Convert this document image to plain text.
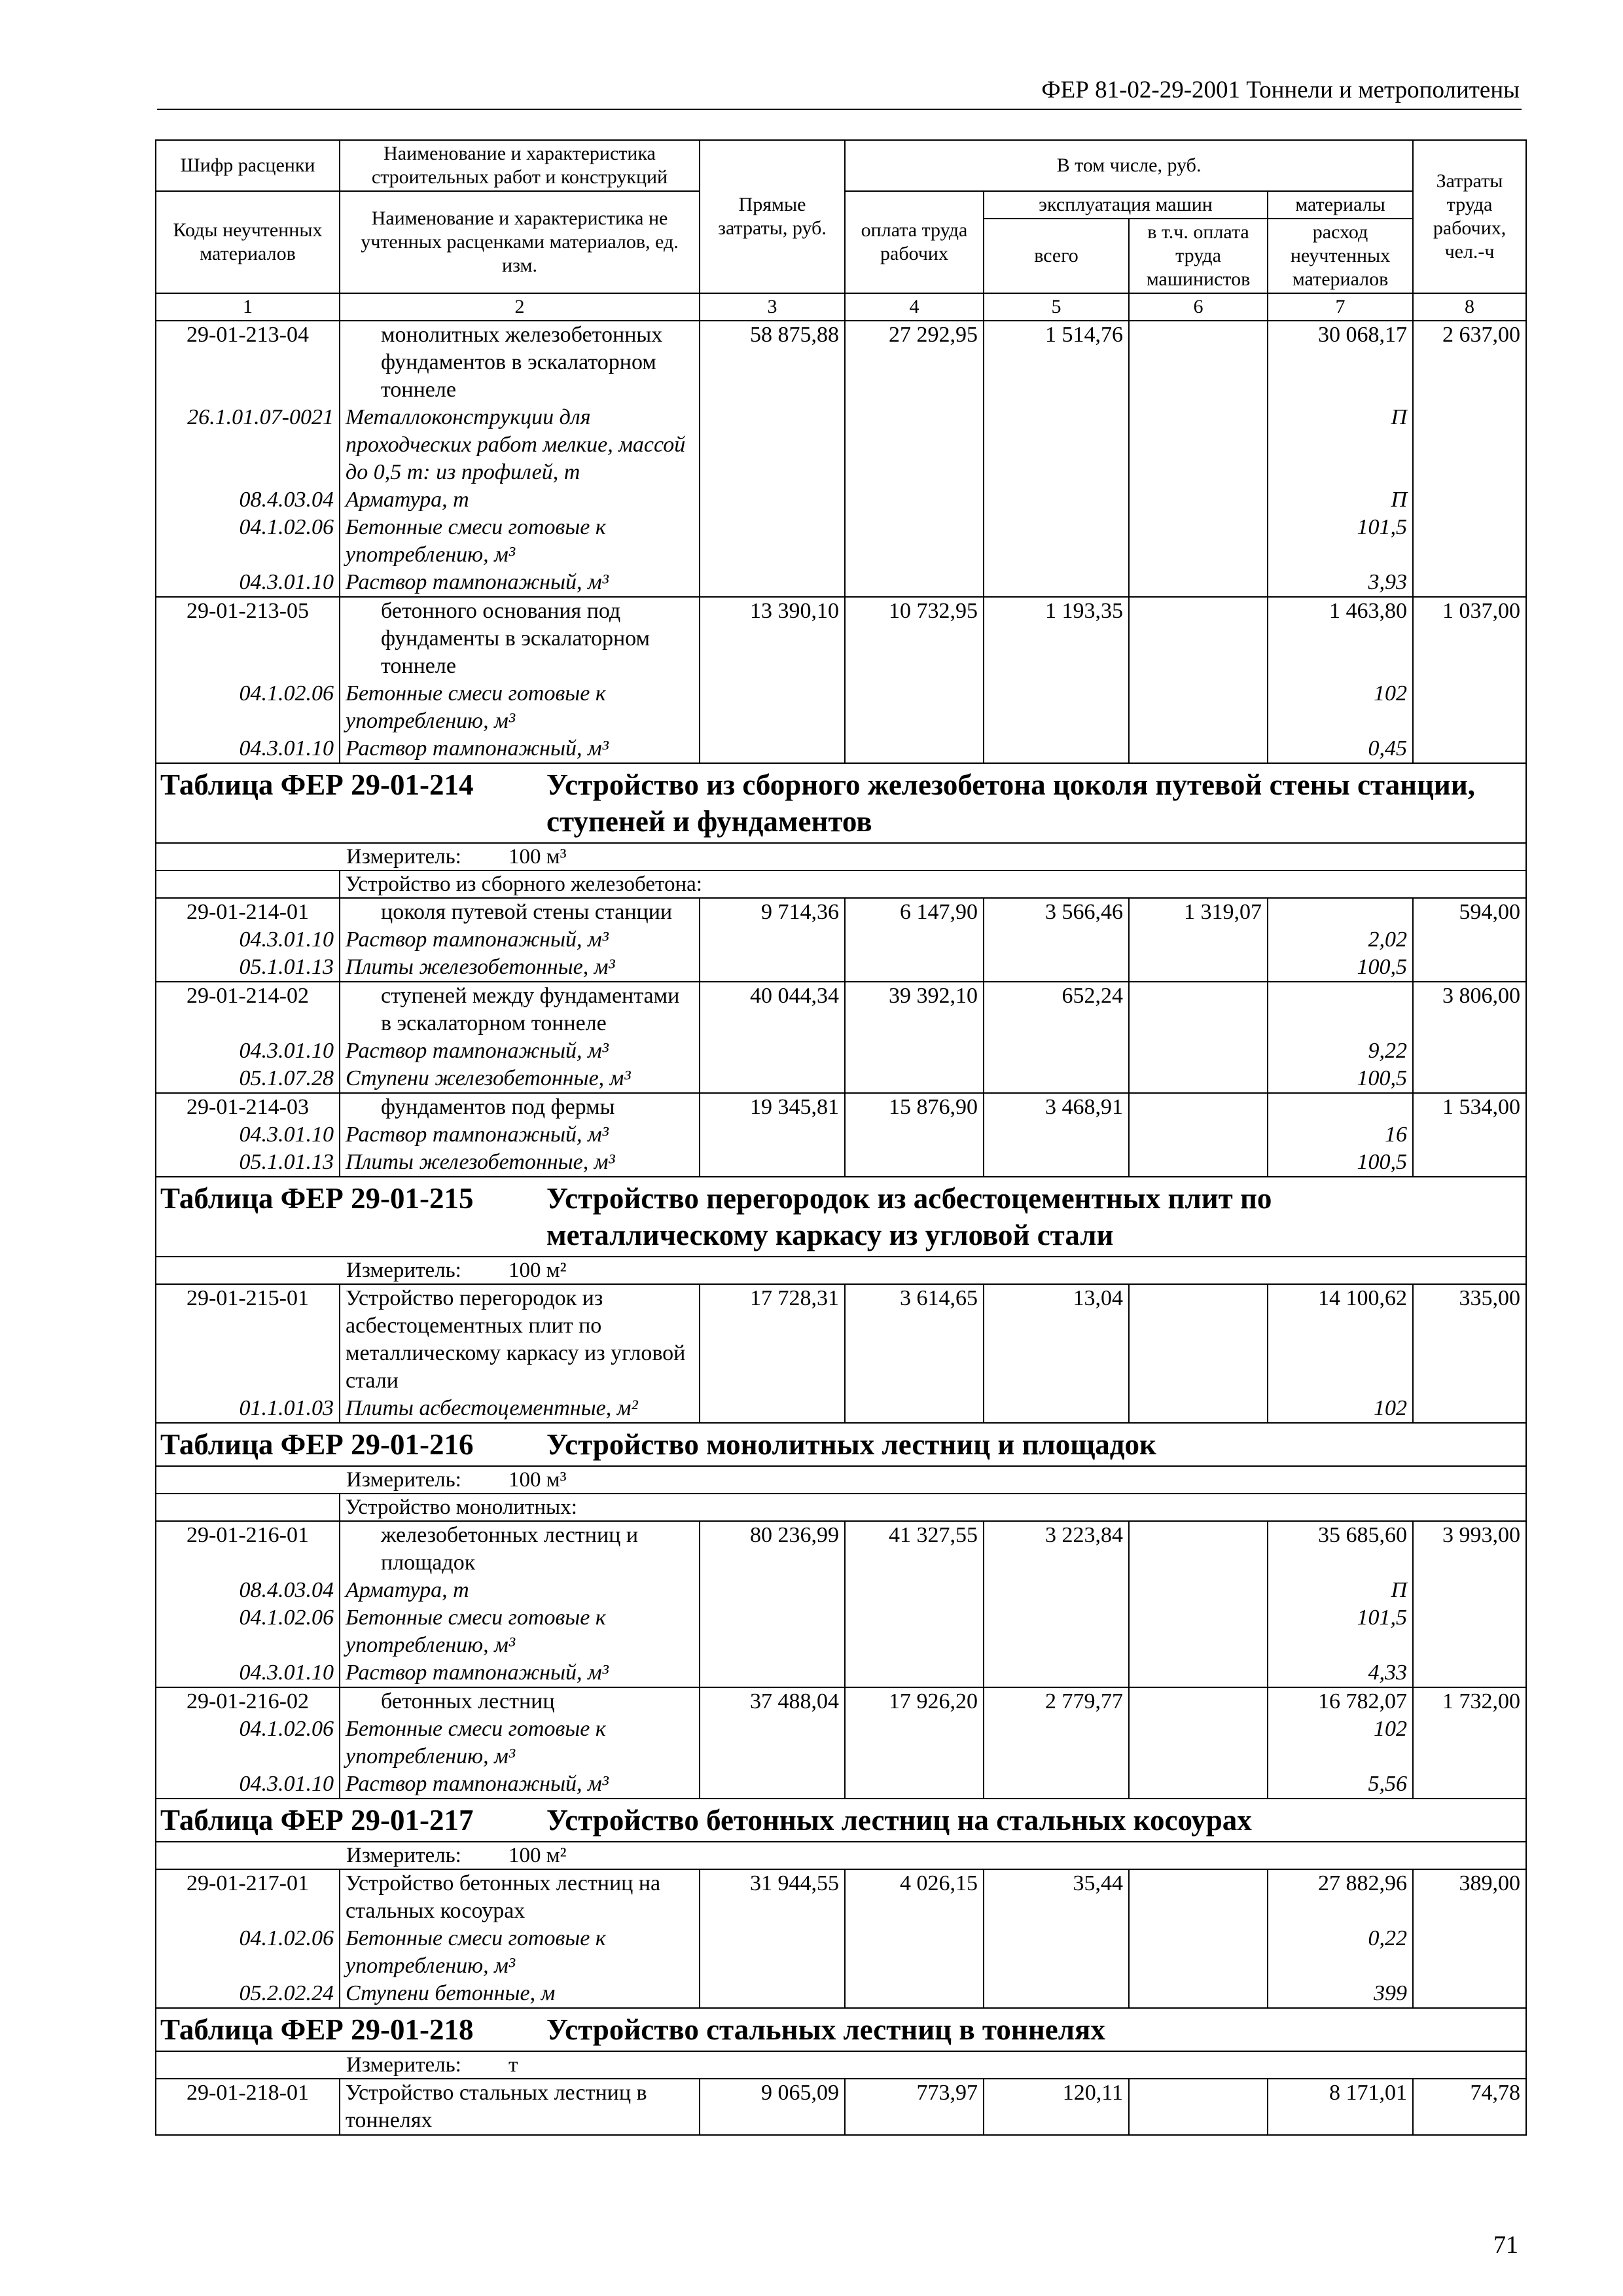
ФЕР 81-02-29-2001 Тоннели и метрополитены
Шифр расценки	Наименование и характеристика строительных работ и конструкций	Прямые затраты, руб.	В том числе, руб.				Затраты труда рабочих, чел.-ч
Коды неучтенных материалов	Наименование и характеристика не учтенных расценками материалов, ед. изм.		оплата труда рабочих	эксплуатация машин		материалы	
				всего	в т.ч. оплата труда машинистов	расход неучтенных материалов	
1	2	3	4	5	6	7	8
29-01-213-04	монолитных железобетонных фундаментов в эскалаторном тоннеле	58 875,88	27 292,95	1 514,76		30 068,17	2 637,00
26.1.01.07-0021	Металлоконструкции для проходческих работ мелкие, массой до 0,5 т: из профилей, т					П	
08.4.03.04	Арматура, т					П	
04.1.02.06	Бетонные смеси готовые к употреблению, м³					101,5	
04.3.01.10	Раствор тампонажный, м³					3,93	
29-01-213-05	бетонного основания под фундаменты в эскалаторном тоннеле	13 390,10	10 732,95	1 193,35		1 463,80	1 037,00
04.1.02.06	Бетонные смеси готовые к употреблению, м³					102	
04.3.01.10	Раствор тампонажный, м³					0,45	
Таблица ФЕР 29-01-214 Устройство из сборного железобетона цоколя путевой стены станции, ступеней и фундаментов							
Измеритель: 100 м³							
	Устройство из сборного железобетона:						
29-01-214-01	цоколя путевой стены станции	9 714,36	6 147,90	3 566,46	1 319,07		594,00
04.3.01.10	Раствор тампонажный, м³					2,02	
05.1.01.13	Плиты железобетонные, м³					100,5	
29-01-214-02	ступеней между фундаментами в эскалаторном тоннеле	40 044,34	39 392,10	652,24			3 806,00
04.3.01.10	Раствор тампонажный, м³					9,22	
05.1.07.28	Ступени железобетонные, м³					100,5	
29-01-214-03	фундаментов под фермы	19 345,81	15 876,90	3 468,91			1 534,00
04.3.01.10	Раствор тампонажный, м³					16	
05.1.01.13	Плиты железобетонные, м³					100,5	
Таблица ФЕР 29-01-215 Устройство перегородок из асбестоцементных плит по металлическому каркасу из угловой стали							
Измеритель: 100 м²							
29-01-215-01	Устройство перегородок из асбестоцементных плит по металлическому каркасу из угловой стали	17 728,31	3 614,65	13,04		14 100,62	335,00
01.1.01.03	Плиты асбестоцементные, м²					102	
Таблица ФЕР 29-01-216 Устройство монолитных лестниц и площадок							
Измеритель: 100 м³							
	Устройство монолитных:						
29-01-216-01	железобетонных лестниц и площадок	80 236,99	41 327,55	3 223,84		35 685,60	3 993,00
08.4.03.04	Арматура, т					П	
04.1.02.06	Бетонные смеси готовые к употреблению, м³					101,5	
04.3.01.10	Раствор тампонажный, м³					4,33	
29-01-216-02	бетонных лестниц	37 488,04	17 926,20	2 779,77		16 782,07	1 732,00
04.1.02.06	Бетонные смеси готовые к употреблению, м³					102	
04.3.01.10	Раствор тампонажный, м³					5,56	
Таблица ФЕР 29-01-217 Устройство бетонных лестниц на стальных косоурах							
Измеритель: 100 м²							
29-01-217-01	Устройство бетонных лестниц на стальных косоурах	31 944,55	4 026,15	35,44		27 882,96	389,00
04.1.02.06	Бетонные смеси готовые к употреблению, м³					0,22	
05.2.02.24	Ступени бетонные, м					399	
Таблица ФЕР 29-01-218 Устройство стальных лестниц в тоннелях							
Измеритель: т							
29-01-218-01	Устройство стальных лестниц в тоннелях	9 065,09	773,97	120,11		8 171,01	74,78
71
